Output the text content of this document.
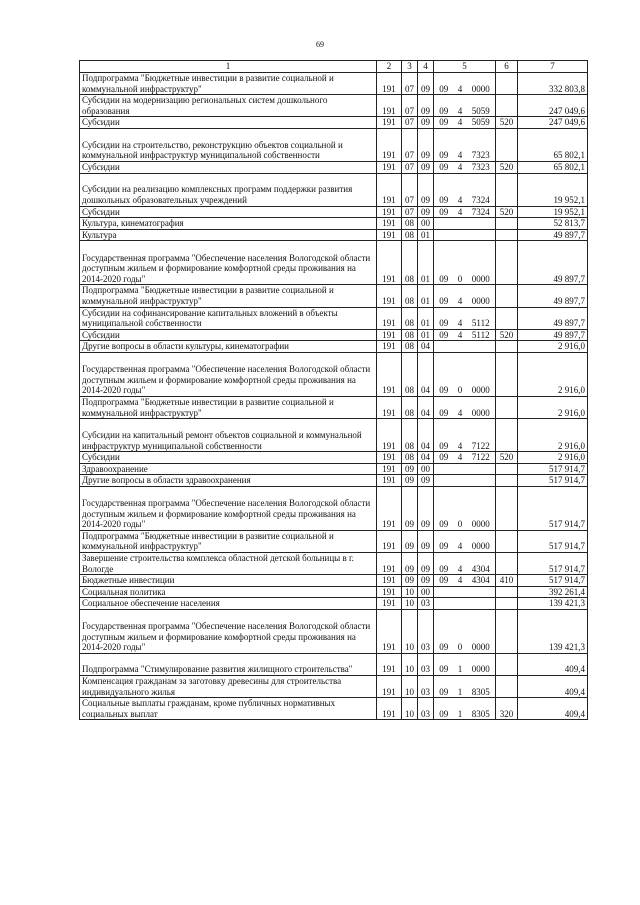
69
1	2	3	4	5			6	7
Подпрограмма "Бюджетные инвестиции в развитие социальной и коммунальной инфраструктур"	191	07	09	09	4	0000		332 803,8
Субсидии на модернизацию региональных систем дошкольного образования	191	07	09	09	4	5059		247 049,6
Субсидии	191	07	09	09	4	5059	520	247 049,6
Субсидии на строительство, реконструкцию объектов социальной и коммунальной инфраструктур муниципальной собственности	191	07	09	09	4	7323		65 802,1
Субсидии	191	07	09	09	4	7323	520	65 802,1
Субсидии на реализацию комплексных программ поддержки развития дошкольных образовательных учреждений	191	07	09	09	4	7324		19 952,1
Субсидии	191	07	09	09	4	7324	520	19 952,1
Культура, кинематография	191	08	00					52 813,7
Культура	191	08	01					49 897,7
Государственная программа "Обеспечение населения Вологодской области доступным жильем и формирование комфортной среды проживания на 2014-2020 годы"	191	08	01	09	0	0000		49 897,7
Подпрограмма "Бюджетные инвестиции в развитие социальной и коммунальной инфраструктур"	191	08	01	09	4	0000		49 897,7
Субсидии на софинансирование капитальных вложений в объекты муниципальной собственности	191	08	01	09	4	5112		49 897,7
Субсидии	191	08	01	09	4	5112	520	49 897,7
Другие вопросы в области культуры, кинематографии	191	08	04					2 916,0
Государственная программа "Обеспечение населения Вологодской области доступным жильем и формирование комфортной среды проживания на 2014-2020 годы"	191	08	04	09	0	0000		2 916,0
Подпрограмма "Бюджетные инвестиции в развитие социальной и коммунальной инфраструктур"	191	08	04	09	4	0000		2 916,0
Субсидии на капитальный ремонт объектов социальной и коммунальной инфраструктур муниципальной собственности	191	08	04	09	4	7122		2 916,0
Субсидии	191	08	04	09	4	7122	520	2 916,0
Здравоохранение	191	09	00					517 914,7
Другие вопросы в области здравоохранения	191	09	09					517 914,7
Государственная программа "Обеспечение населения Вологодской области доступным жильем и формирование комфортной среды проживания на 2014-2020 годы"	191	09	09	09	0	0000		517 914,7
Подпрограмма "Бюджетные инвестиции в развитие социальной и коммунальной инфраструктур"	191	09	09	09	4	0000		517 914,7
Завершение строительства комплекса областной детской больницы в г. Вологде	191	09	09	09	4	4304		517 914,7
Бюджетные инвестиции	191	09	09	09	4	4304	410	517 914,7
Социальная политика	191	10	00					392 261,4
Социальное обеспечение населения	191	10	03					139 421,3
Государственная программа "Обеспечение населения Вологодской области доступным жильем и формирование комфортной среды проживания на 2014-2020 годы"	191	10	03	09	0	0000		139 421,3
Подпрограмма "Стимулирование развития жилищного строительства"	191	10	03	09	1	0000		409,4
Компенсация гражданам за заготовку древесины для строительства индивидуального жилья	191	10	03	09	1	8305		409,4
Социальные выплаты гражданам, кроме публичных нормативных социальных выплат	191	10	03	09	1	8305	320	409,4
